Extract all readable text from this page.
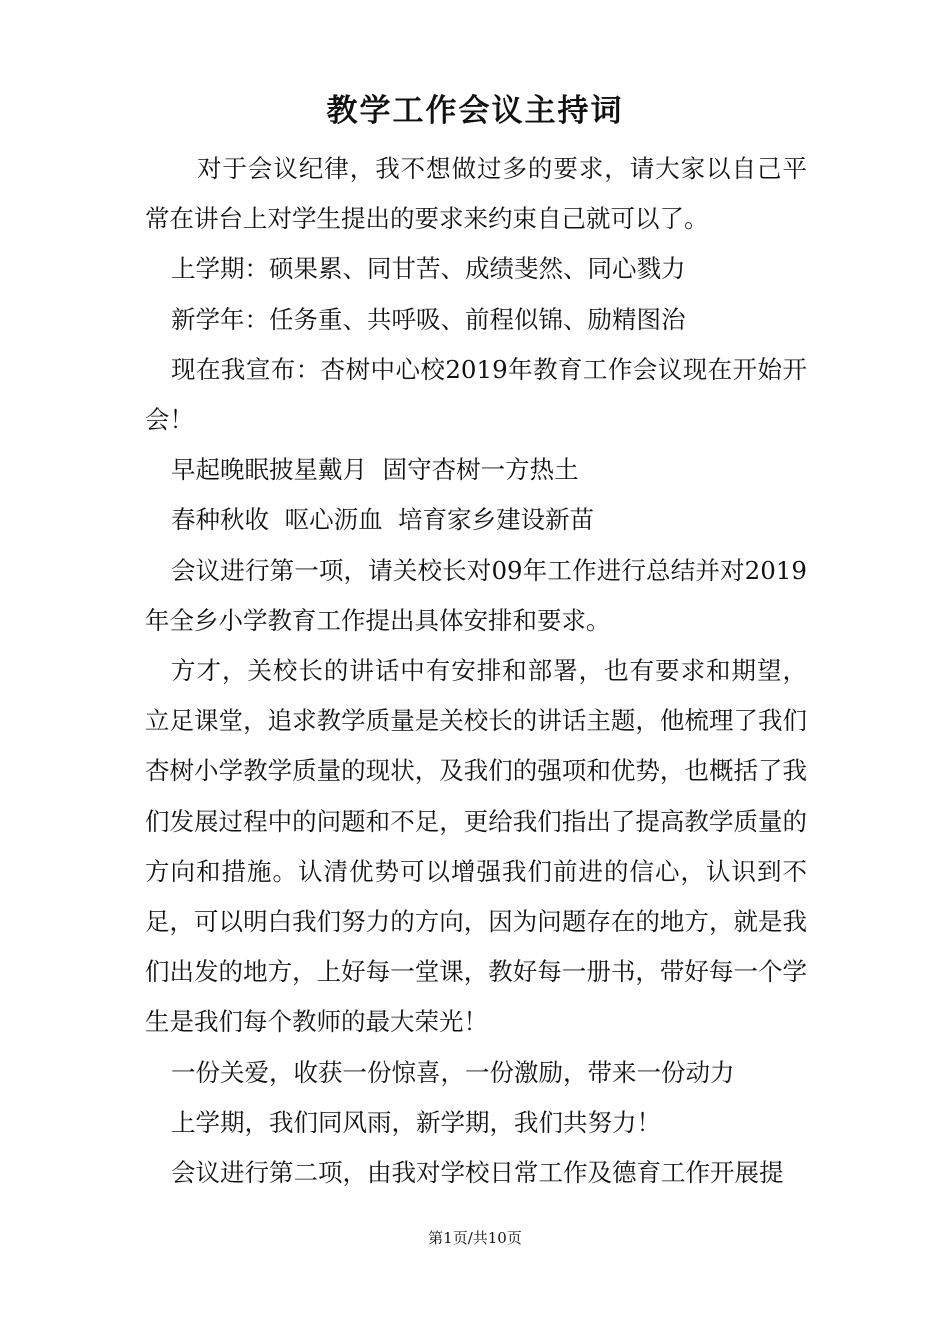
教学工作会议主持词

对于会议纪律，我不想做过多的要求，请大家以自己平常在讲台上对学生提出的要求来约束自己就可以了。

上学期：硕果累、同甘苦、成绩斐然、同心戮力

新学年：任务重、共呼吸、前程似锦、励精图治

现在我宣布：杏树中心校2019年教育工作会议现在开始开会！

早起晚眠披星戴月  固守杏树一方热土

春种秋收  呕心沥血  培育家乡建设新苗

会议进行第一项，请关校长对09年工作进行总结并对2019年全乡小学教育工作提出具体安排和要求。

方才，关校长的讲话中有安排和部署，也有要求和期望，立足课堂，追求教学质量是关校长的讲话主题，他梳理了我们杏树小学教学质量的现状，及我们的强项和优势，也概括了我们发展过程中的问题和不足，更给我们指出了提高教学质量的方向和措施。认清优势可以增强我们前进的信心，认识到不足，可以明白我们努力的方向，因为问题存在的地方，就是我们出发的地方，上好每一堂课，教好每一册书，带好每一个学生是我们每个教师的最大荣光！

一份关爱，收获一份惊喜，一份激励，带来一份动力

上学期，我们同风雨，新学期，我们共努力！

会议进行第二项，由我对学校日常工作及德育工作开展提

第1页/共10页
